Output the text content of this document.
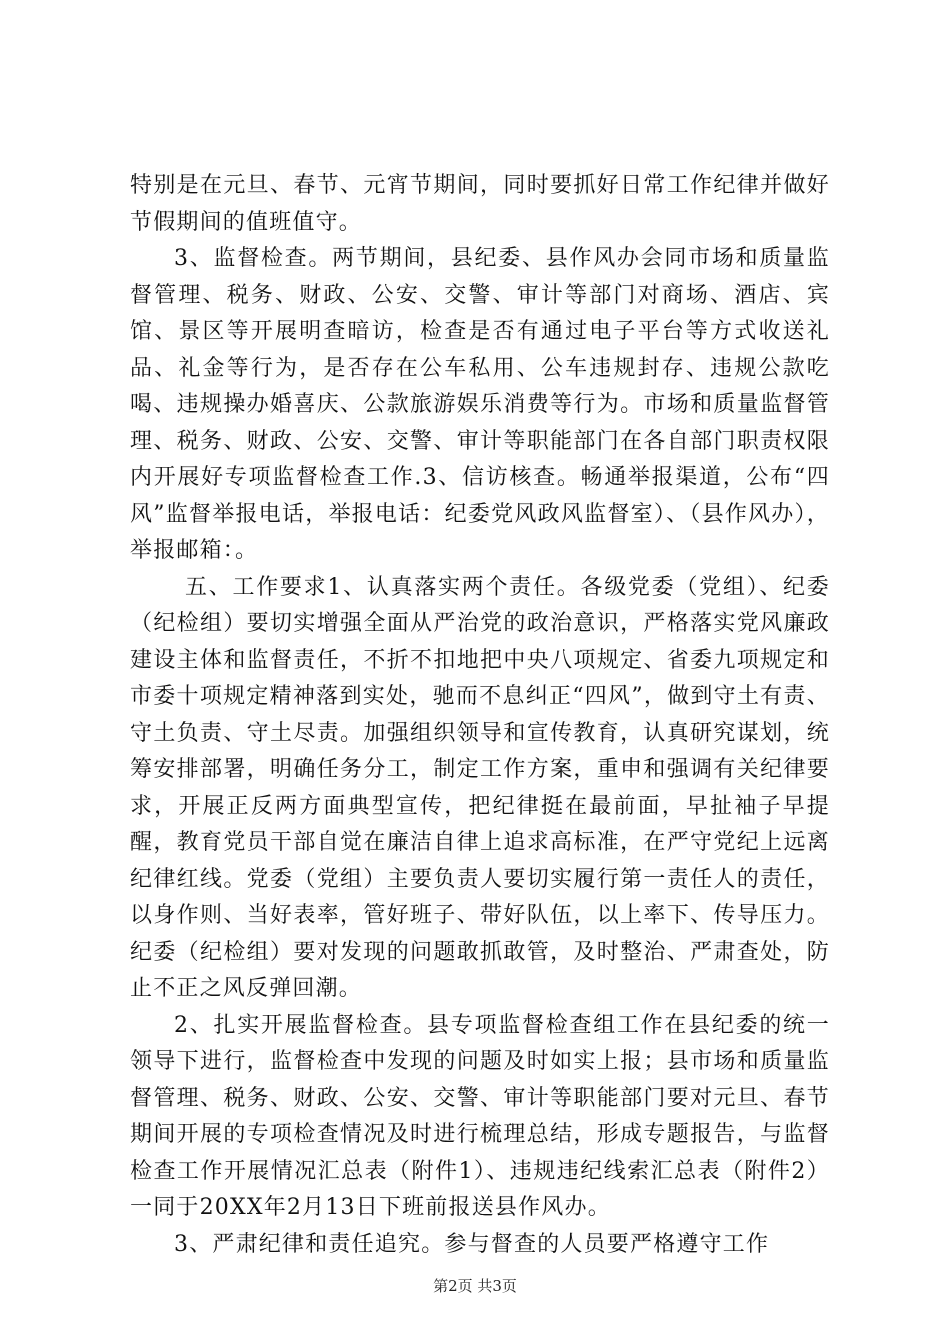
特别是在元旦、春节、元宵节期间，同时要抓好日常工作纪律并做好节假期间的值班值守。

3、监督检查。两节期间，县纪委、县作风办会同市场和质量监督管理、税务、财政、公安、交警、审计等部门对商场、酒店、宾馆、景区等开展明查暗访，检查是否有通过电子平台等方式收送礼品、礼金等行为，是否存在公车私用、公车违规封存、违规公款吃喝、违规操办婚喜庆、公款旅游娱乐消费等行为。市场和质量监督管理、税务、财政、公安、交警、审计等职能部门在各自部门职责权限内开展好专项监督检查工作.3、信访核查。畅通举报渠道，公布“四风”监督举报电话，举报电话：纪委党风政风监督室）、（县作风办），举报邮箱：。

五、工作要求1、认真落实两个责任。各级党委（党组）、纪委（纪检组）要切实增强全面从严治党的政治意识，严格落实党风廉政建设主体和监督责任，不折不扣地把中央八项规定、省委九项规定和市委十项规定精神落到实处，驰而不息纠正“四风”，做到守土有责、守土负责、守土尽责。加强组织领导和宣传教育，认真研究谋划，统筹安排部署，明确任务分工，制定工作方案，重申和强调有关纪律要求，开展正反两方面典型宣传，把纪律挺在最前面，早扯袖子早提醒，教育党员干部自觉在廉洁自律上追求高标准，在严守党纪上远离纪律红线。党委（党组）主要负责人要切实履行第一责任人的责任，以身作则、当好表率，管好班子、带好队伍，以上率下、传导压力。纪委（纪检组）要对发现的问题敢抓敢管，及时整治、严肃查处，防止不正之风反弹回潮。

2、扎实开展监督检查。县专项监督检查组工作在县纪委的统一领导下进行，监督检查中发现的问题及时如实上报；县市场和质量监督管理、税务、财政、公安、交警、审计等职能部门要对元旦、春节期间开展的专项检查情况及时进行梳理总结，形成专题报告，与监督检查工作开展情况汇总表（附件1）、违规违纪线索汇总表（附件2）一同于20XX年2月13日下班前报送县作风办。

3、严肃纪律和责任追究。参与督查的人员要严格遵守工作

第2页 共3页
